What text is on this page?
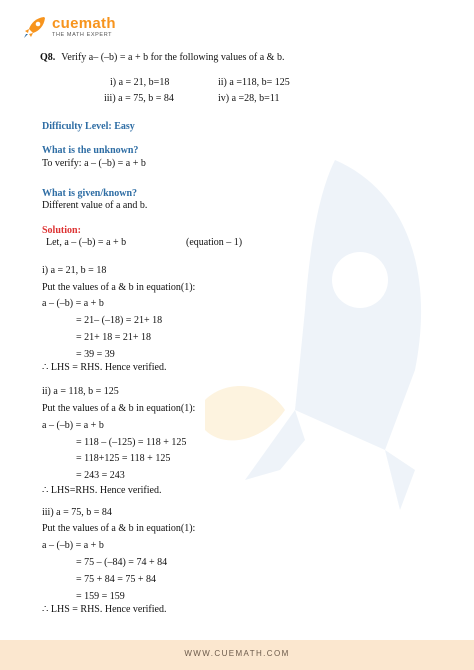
cuemath
THE MATH EXPERT
Q8. Verify a– (–b) = a + b for the following values of a & b.
i) a = 21, b=18	ii) a =118, b= 125
iii) a = 75, b = 84	iv) a =28, b=11
Difficulty Level: Easy
What is the unknown?
To verify: a – (–b) = a + b
What is given/known?
Different value of a and b.
Solution:
Let, a – (–b) = a + b	(equation – 1)
i) a = 21, b = 18
Put the values of a & b in equation(1):
a – (–b) = a + b
= 21– (–18) = 21+ 18
= 21+ 18 = 21+ 18
= 39 = 39
∴ LHS = RHS. Hence verified.
ii) a = 118, b = 125
Put the values of a & b in equation(1):
a – (–b) = a + b
= 118 – (–125) = 118 + 125
= 118+125 = 118 + 125
= 243 = 243
∴ LHS=RHS. Hence verified.
iii) a = 75, b = 84
Put the values of a & b in equation(1):
a – (–b) = a + b
= 75 – (–84) = 74 + 84
= 75 + 84 = 75 + 84
= 159 = 159
∴ LHS = RHS. Hence verified.
WWW.CUEMATH.COM
